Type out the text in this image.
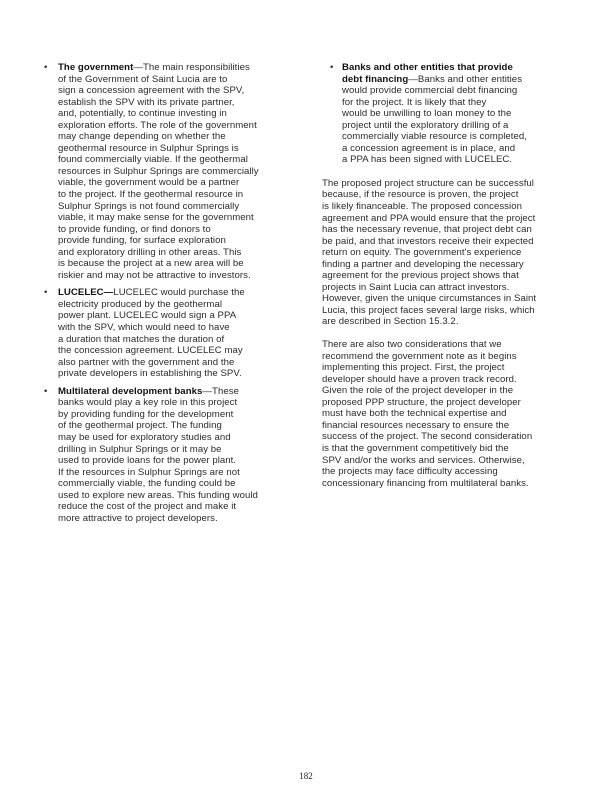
• The government—The main responsibilities
of the Government of Saint Lucia are to
sign a concession agreement with the SPV,
establish the SPV with its private partner,
and, potentially, to continue investing in
exploration efforts. The role of the government
may change depending on whether the
geothermal resource in Sulphur Springs is
found commercially viable. If the geothermal
resources in Sulphur Springs are commercially
viable, the government would be a partner
to the project. If the geothermal resource in
Sulphur Springs is not found commercially
viable, it may make sense for the government
to provide funding, or find donors to
provide funding, for surface exploration
and exploratory drilling in other areas. This
is because the project at a new area will be
riskier and may not be attractive to investors.
• LUCELEC—LUCELEC would purchase the
electricity produced by the geothermal
power plant. LUCELEC would sign a PPA
with the SPV, which would need to have
a duration that matches the duration of
the concession agreement. LUCELEC may
also partner with the government and the
private developers in establishing the SPV.
• Multilateral development banks—These
banks would play a key role in this project
by providing funding for the development
of the geothermal project. The funding
may be used for exploratory studies and
drilling in Sulphur Springs or it may be
used to provide loans for the power plant.
If the resources in Sulphur Springs are not
commercially viable, the funding could be
used to explore new areas. This funding would
reduce the cost of the project and make it
more attractive to project developers.
• Banks and other entities that provide
debt financing—Banks and other entities
would provide commercial debt financing
for the project. It is likely that they
would be unwilling to loan money to the
project until the exploratory drilling of a
commercially viable resource is completed,
a concession agreement is in place, and
a PPA has been signed with LUCELEC.

The proposed project structure can be successful
because, if the resource is proven, the project
is likely financeable. The proposed concession
agreement and PPA would ensure that the project
has the necessary revenue, that project debt can
be paid, and that investors receive their expected
return on equity. The government's experience
finding a partner and developing the necessary
agreement for the previous project shows that
projects in Saint Lucia can attract investors.
However, given the unique circumstances in Saint
Lucia, this project faces several large risks, which
are described in Section 15.3.2.

There are also two considerations that we
recommend the government note as it begins
implementing this project. First, the project
developer should have a proven track record.
Given the role of the project developer in the
proposed PPP structure, the project developer
must have both the technical expertise and
financial resources necessary to ensure the
success of the project. The second consideration
is that the government competitively bid the
SPV and/or the works and services. Otherwise,
the projects may face difficulty accessing
concessionary financing from multilateral banks.

182
